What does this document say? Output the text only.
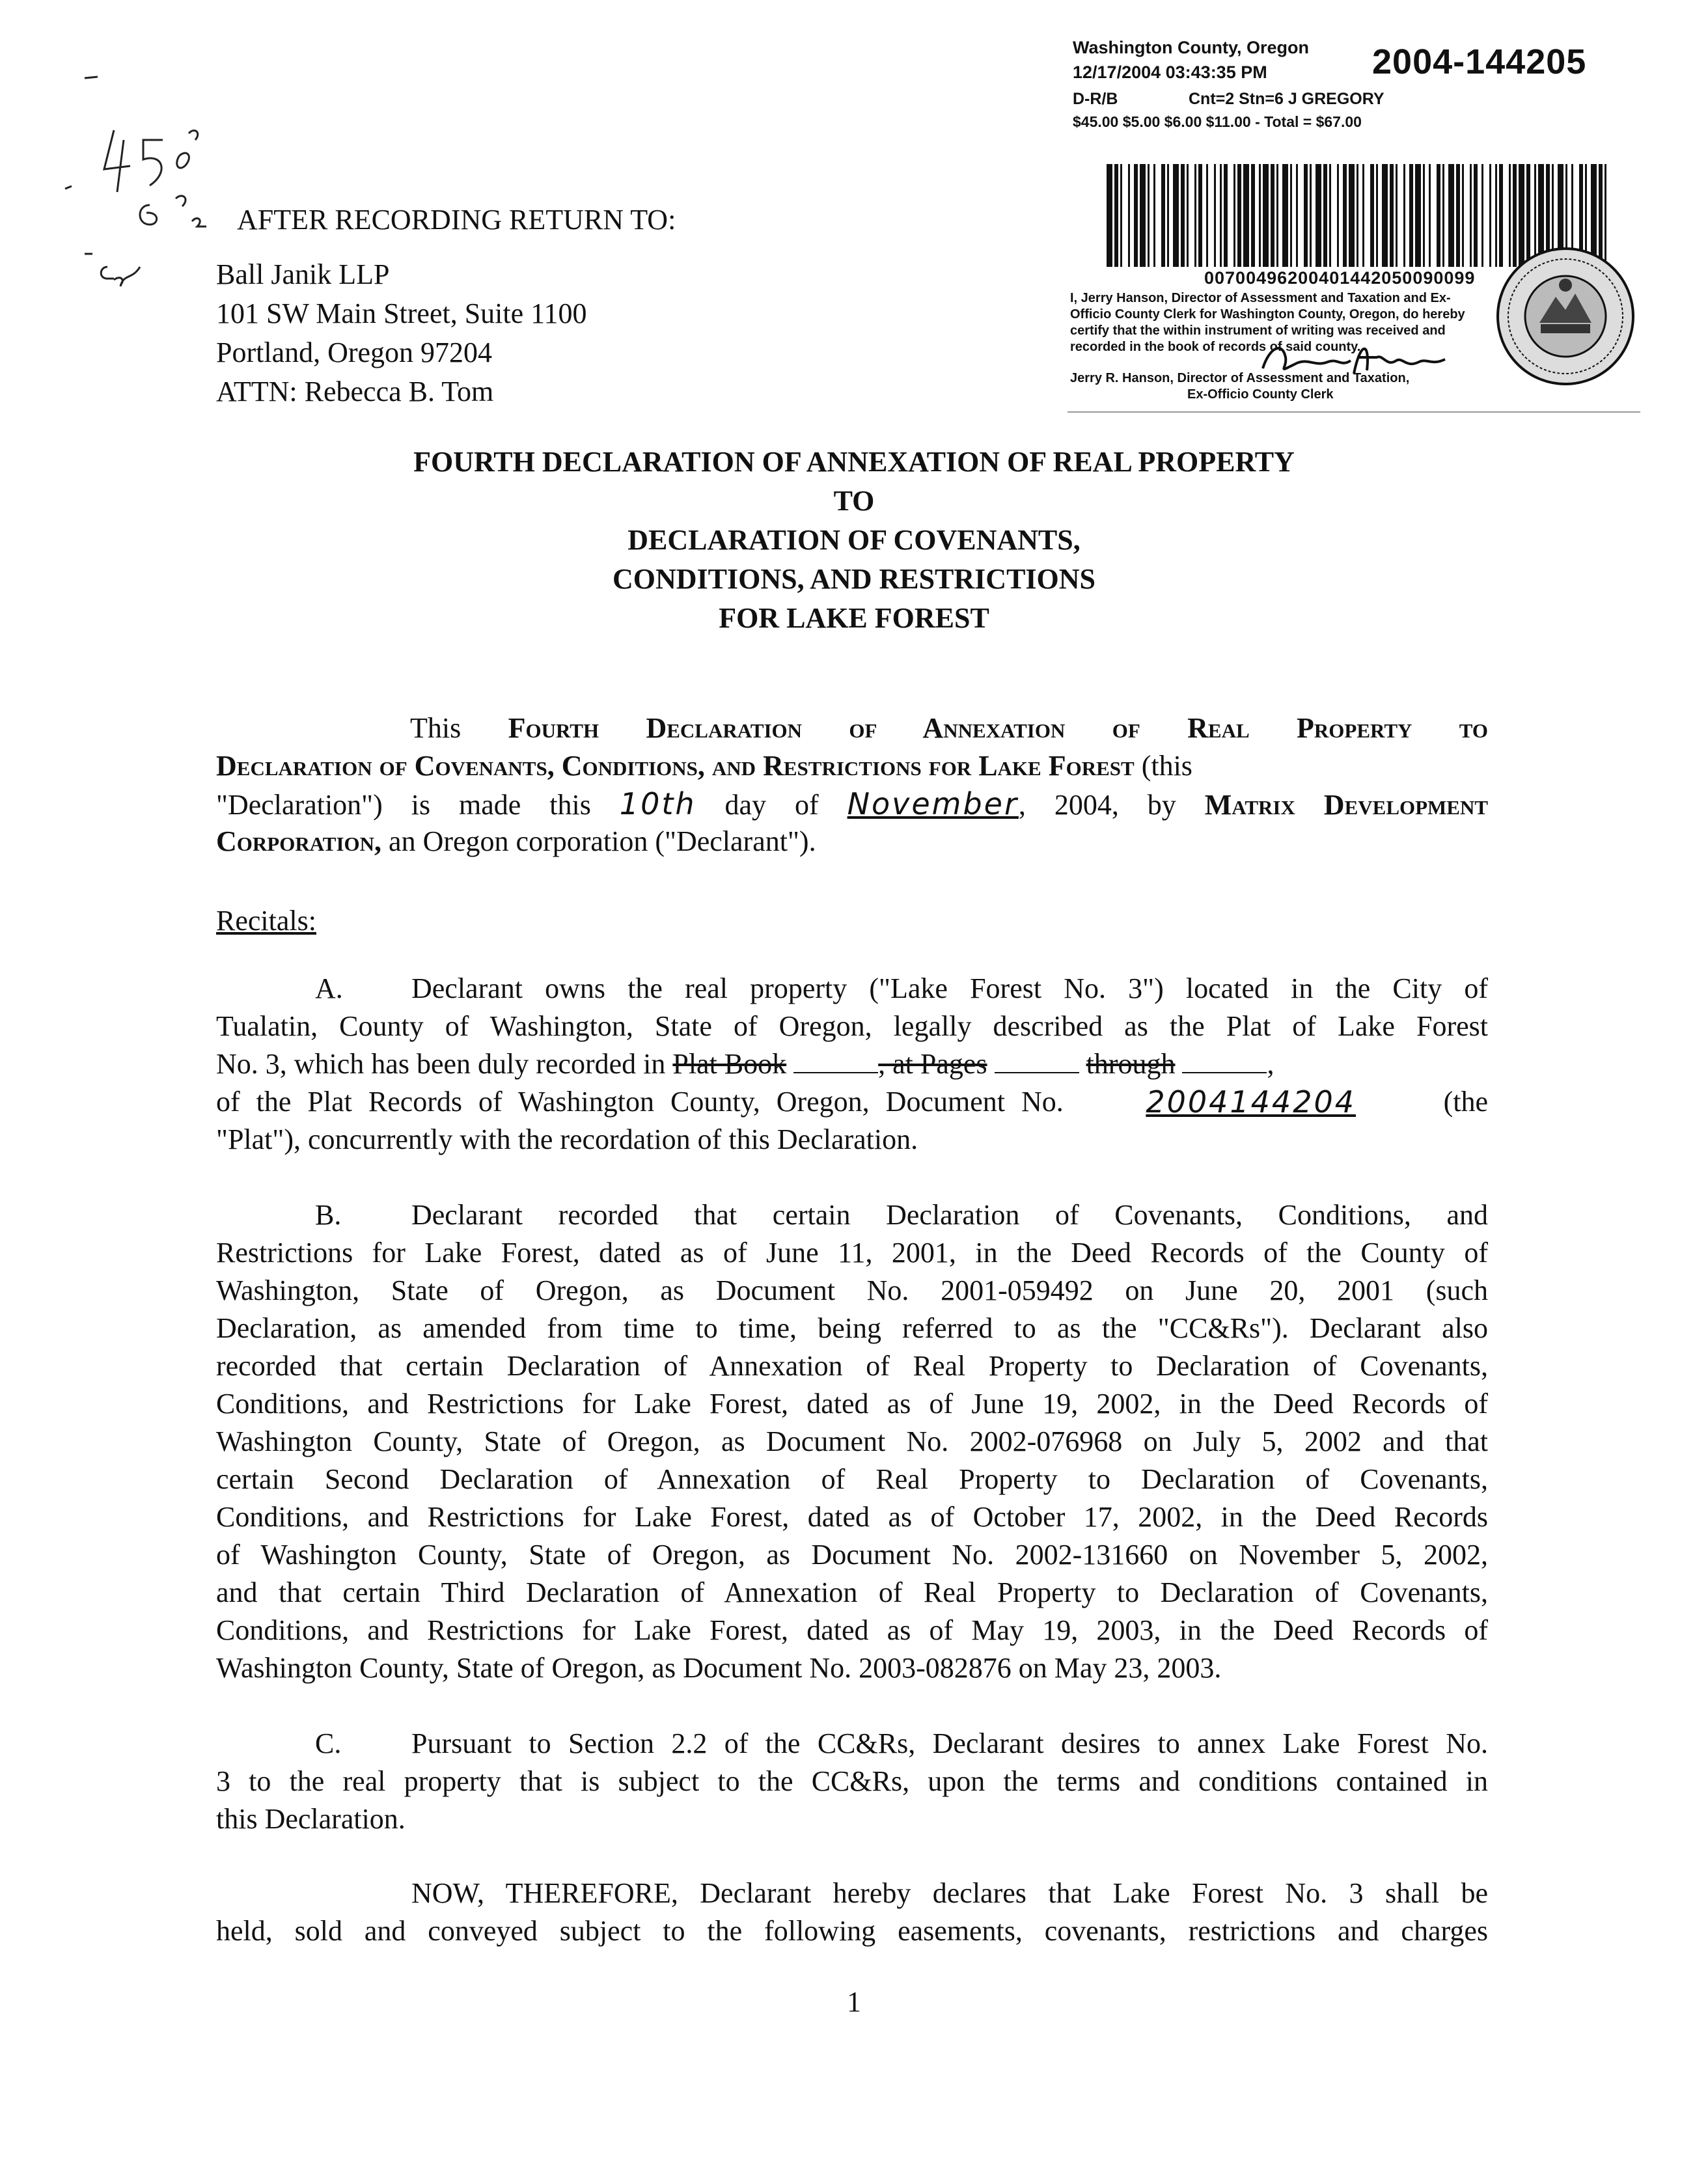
Washington County, Oregon 2004-144205
12/17/2004 03:43:35 PM
D-R/B	Cnt=2 Stn=6 J GREGORY
$45.00 $5.00 $6.00 $11.00 - Total = $67.00
00700496200401442050090099
I, Jerry Hanson, Director of Assessment and Taxation and Ex-Officio County Clerk for Washington County, Oregon, do hereby certify that the within instrument of writing was received and recorded in the book of records of said county.
Jerry R. Hanson, Director of Assessment and Taxation,
Ex-Officio County Clerk
AFTER RECORDING RETURN TO:
Ball Janik LLP
101 SW Main Street, Suite 1100
Portland, Oregon 97204
ATTN: Rebecca B. Tom
FOURTH DECLARATION OF ANNEXATION OF REAL PROPERTY
TO
DECLARATION OF COVENANTS,
CONDITIONS, AND RESTRICTIONS
FOR LAKE FOREST
This Fourth Declaration of Annexation of Real Property to
Declaration of Covenants, Conditions, and Restrictions for Lake Forest (this
"Declaration") is made this 10th day of November, 2004, by Matrix Development
Corporation, an Oregon corporation ("Declarant").
Recitals:
A. Declarant owns the real property ("Lake Forest No. 3") located in the City of
Tualatin, County of Washington, State of Oregon, legally described as the Plat of Lake Forest
No. 3, which has been duly recorded in Plat Book	, at Pages	through	,
of the Plat Records of Washington County, Oregon, Document No.	2004144204	(the
"Plat"), concurrently with the recordation of this Declaration.
B. Declarant recorded that certain Declaration of Covenants, Conditions, and
Restrictions for Lake Forest, dated as of June 11, 2001, in the Deed Records of the County of
Washington, State of Oregon, as Document No. 2001-059492 on June 20, 2001 (such
Declaration, as amended from time to time, being referred to as the "CC&Rs"). Declarant also
recorded that certain Declaration of Annexation of Real Property to Declaration of Covenants,
Conditions, and Restrictions for Lake Forest, dated as of June 19, 2002, in the Deed Records of
Washington County, State of Oregon, as Document No. 2002-076968 on July 5, 2002 and that
certain Second Declaration of Annexation of Real Property to Declaration of Covenants,
Conditions, and Restrictions for Lake Forest, dated as of October 17, 2002, in the Deed Records
of Washington County, State of Oregon, as Document No. 2002-131660 on November 5, 2002,
and that certain Third Declaration of Annexation of Real Property to Declaration of Covenants,
Conditions, and Restrictions for Lake Forest, dated as of May 19, 2003, in the Deed Records of
Washington County, State of Oregon, as Document No. 2003-082876 on May 23, 2003.
C. Pursuant to Section 2.2 of the CC&Rs, Declarant desires to annex Lake Forest No.
3 to the real property that is subject to the CC&Rs, upon the terms and conditions contained in
this Declaration.
NOW, THEREFORE, Declarant hereby declares that Lake Forest No. 3 shall be
held, sold and conveyed subject to the following easements, covenants, restrictions and charges
1
